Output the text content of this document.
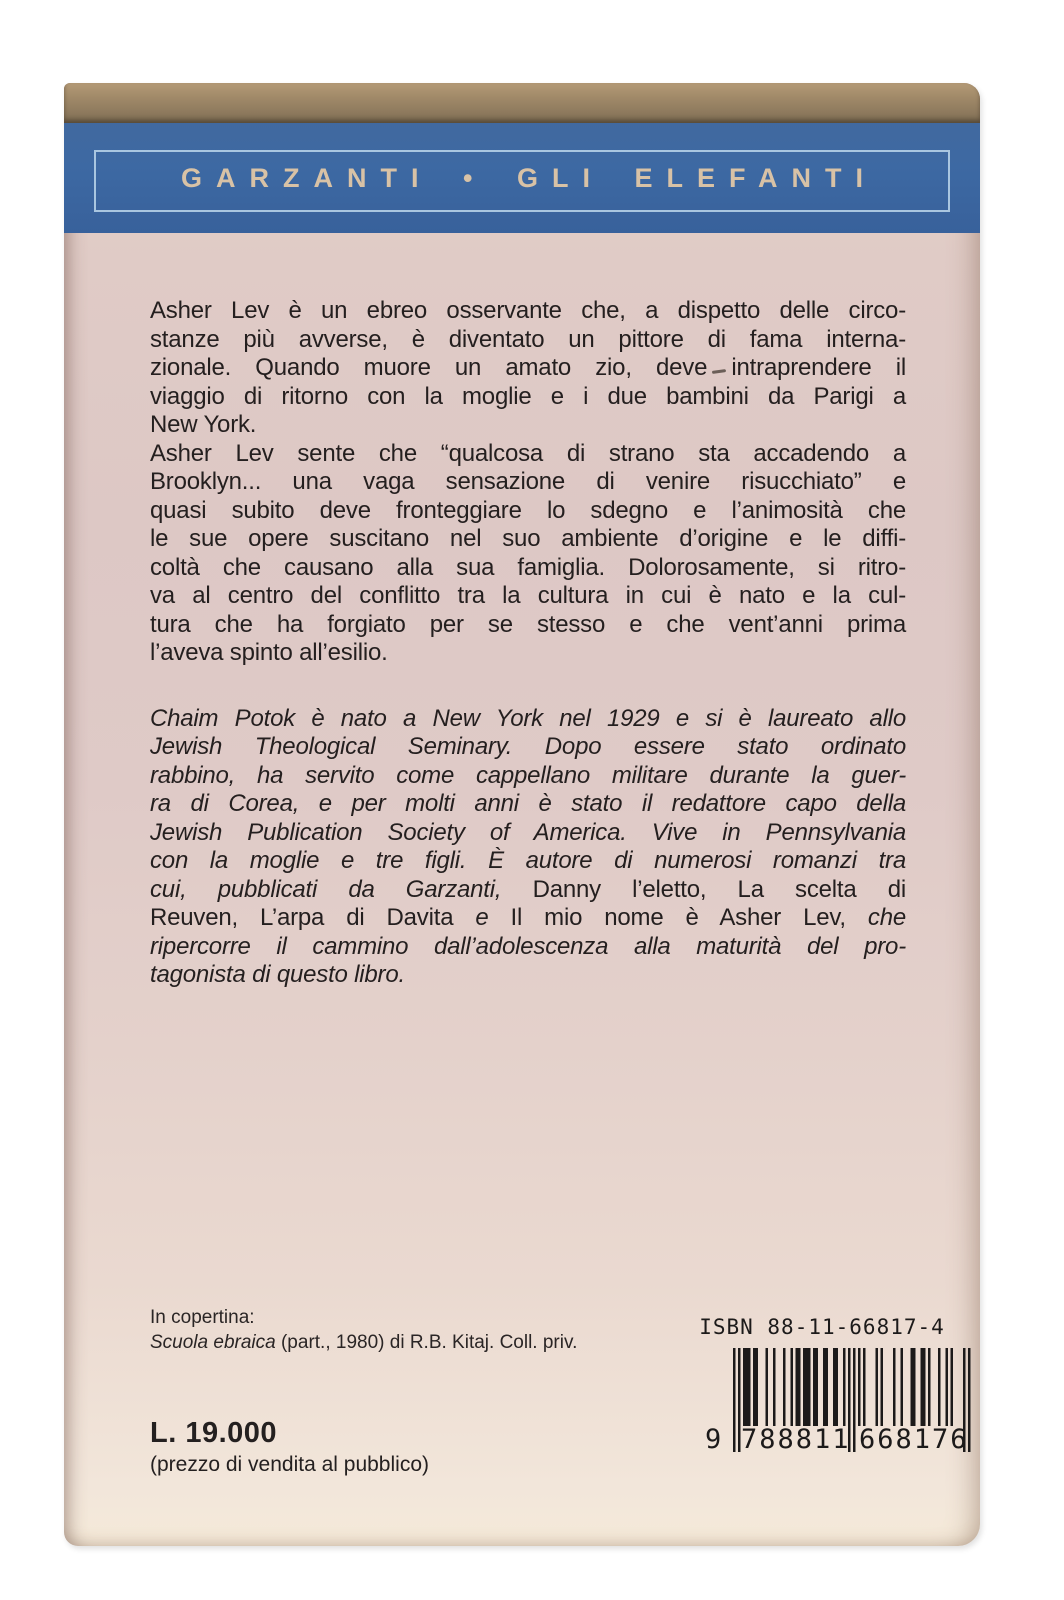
GARZANTI • GLI ELEFANTI
Asher Lev è un ebreo osservante che, a dispetto delle circo-
stanze più avverse, è diventato un pittore di fama interna-
zionale. Quando muore un amato zio, deve intraprendere il
viaggio di ritorno con la moglie e i due bambini da Parigi a
New York.
Asher Lev sente che “qualcosa di strano sta accadendo a
Brooklyn... una vaga sensazione di venire risucchiato” e
quasi subito deve fronteggiare lo sdegno e l’animosità che
le sue opere suscitano nel suo ambiente d’origine e le diffi-
coltà che causano alla sua famiglia. Dolorosamente, si ritro-
va al centro del conflitto tra la cultura in cui è nato e la cul-
tura che ha forgiato per se stesso e che vent’anni prima
l’aveva spinto all’esilio.
Chaim Potok è nato a New York nel 1929 e si è laureato allo
Jewish Theological Seminary. Dopo essere stato ordinato
rabbino, ha servito come cappellano militare durante la guer-
ra di Corea, e per molti anni è stato il redattore capo della
Jewish Publication Society of America. Vive in Pennsylvania
con la moglie e tre figli. È autore di numerosi romanzi tra
cui, pubblicati da Garzanti, Danny l’eletto, La scelta di
Reuven, L’arpa di Davita e Il mio nome è Asher Lev, che
ripercorre il cammino dall’adolescenza alla maturità del pro-
tagonista di questo libro.
In copertina:
Scuola ebraica (part., 1980) di R.B. Kitaj. Coll. priv.
L. 19.000
(prezzo di vendita al pubblico)
ISBN 88-11-66817-4
9 788811 668176
